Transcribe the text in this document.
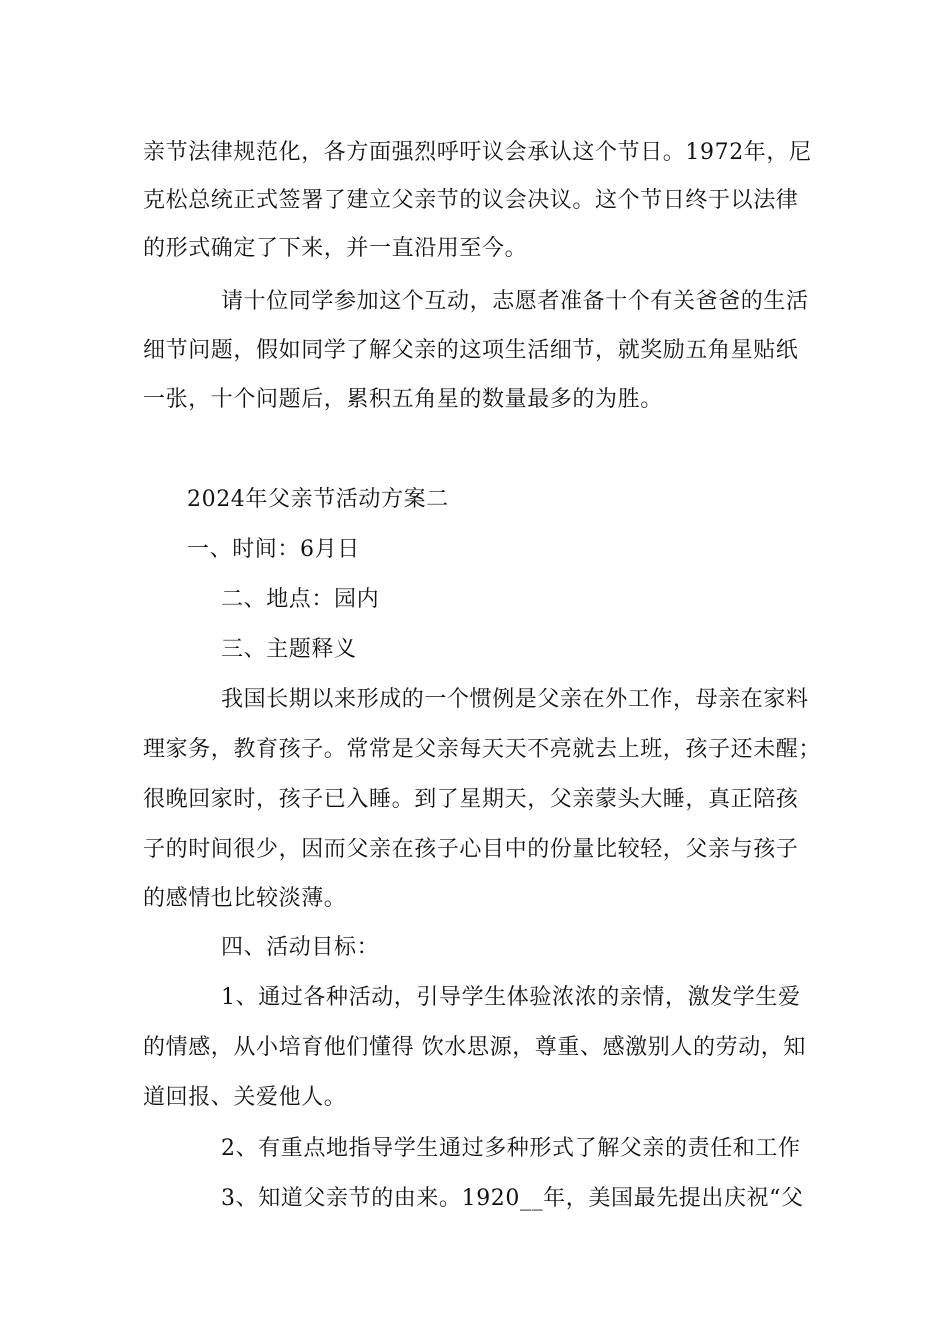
亲节法律规范化，各方面强烈呼吁议会承认这个节日。1972年，尼
克松总统正式签署了建立父亲节的议会决议。这个节日终于以法律
的形式确定了下来，并一直沿用至今。
请十位同学参加这个互动，志愿者准备十个有关爸爸的生活
细节问题，假如同学了解父亲的这项生活细节，就奖励五角星贴纸
一张，十个问题后，累积五角星的数量最多的为胜。
2024年父亲节活动方案二
一、时间：6月日
二、地点：园内
三、主题释义
我国长期以来形成的一个惯例是父亲在外工作，母亲在家料
理家务，教育孩子。常常是父亲每天天不亮就去上班，孩子还未醒；
很晚回家时，孩子已入睡。到了星期天，父亲蒙头大睡，真正陪孩
子的时间很少，因而父亲在孩子心目中的份量比较轻，父亲与孩子
的感情也比较淡薄。
四、活动目标：
1、通过各种活动，引导学生体验浓浓的亲情，激发学生爱
的情感，从小培育他们懂得 饮水思源，尊重、感激别人的劳动，知
道回报、关爱他人。
2、有重点地指导学生通过多种形式了解父亲的责任和工作
3、知道父亲节的由来。1920__年，美国最先提出庆祝“父
